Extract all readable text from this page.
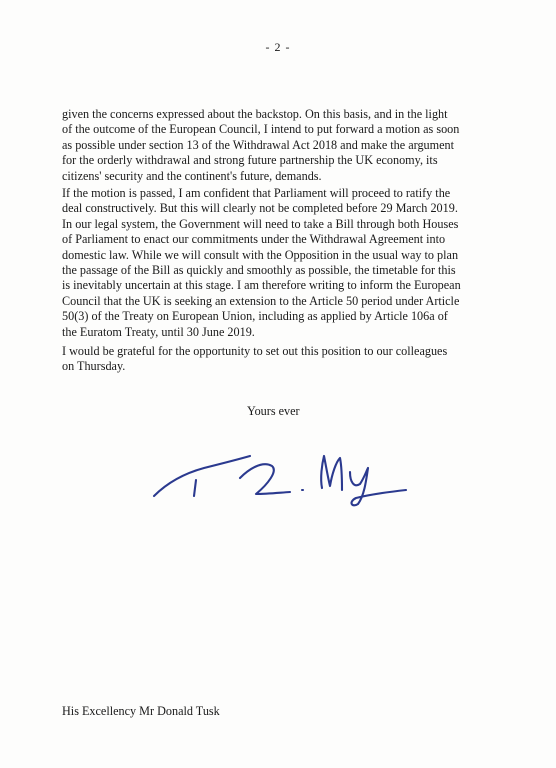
- 2 -
given the concerns expressed about the backstop. On this basis, and in the light
of the outcome of the European Council, I intend to put forward a motion as soon
as possible under section 13 of the Withdrawal Act 2018 and make the argument
for the orderly withdrawal and strong future partnership the UK economy, its
citizens' security and the continent's future, demands.
If the motion is passed, I am confident that Parliament will proceed to ratify the
deal constructively. But this will clearly not be completed before 29 March 2019.
In our legal system, the Government will need to take a Bill through both Houses
of Parliament to enact our commitments under the Withdrawal Agreement into
domestic law. While we will consult with the Opposition in the usual way to plan
the passage of the Bill as quickly and smoothly as possible, the timetable for this
is inevitably uncertain at this stage. I am therefore writing to inform the European
Council that the UK is seeking an extension to the Article 50 period under Article
50(3) of the Treaty on European Union, including as applied by Article 106a of
the Euratom Treaty, until 30 June 2019.
I would be grateful for the opportunity to set out this position to our colleagues
on Thursday.
Yours ever
His Excellency Mr Donald Tusk
